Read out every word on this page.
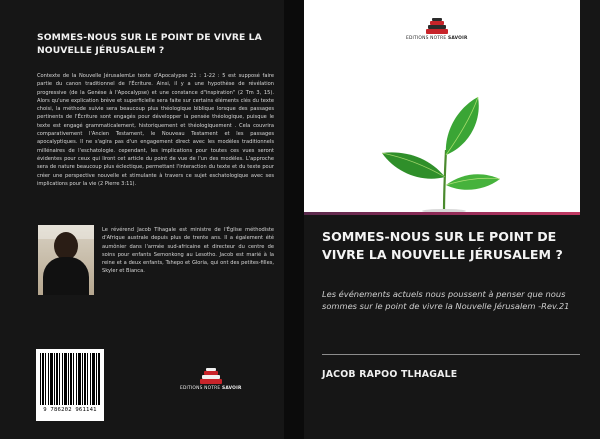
SOMMES-NOUS SUR LE POINT DE VIVRE LA NOUVELLE JÉRUSALEM ?
Contexte de la Nouvelle JérusalemLe texte d'Apocalypse 21 : 1-22 : 5 est supposé faire partie du canon traditionnel de l'Écriture. Ainsi, il y a une hypothèse de révélation progressive (de la Genèse à l'Apocalypse) et une constance d"inspiration" (2 Tm 3, 15). Alors qu'une explication brève et superficielle sera faite sur certains éléments clés du texte choisi, la méthode suivie sera beaucoup plus théologique biblique lorsque des passages pertinents de l'Écriture sont engagés pour développer la pensée théologique, puisque le texte est engagé grammaticalement, historiquement et théologiquement . Cela couvrira comparativement l'Ancien Testament, le Nouveau Testament et les passages apocalyptiques. Il ne s'agira pas d'un engagement direct avec les modèles traditionnels millénaires de l'eschatologie. cependant, les implications pour toutes ces vues seront évidentes pour ceux qui liront cet article du point de vue de l'un des modèles. L'approche sera de nature beaucoup plus éclectique, permettant l'interaction du texte et du texte pour créer une perspective nouvelle et stimulante à travers ce sujet eschatologique avec ses implications pour la vie (2 Pierre 3:11).
Le révérend Jacob Tlhagale est ministre de l'Église méthodiste d'Afrique australe depuis plus de trente ans. Il a également été aumônier dans l'armée sud-africaine et directeur du centre de soins pour enfants Semonkong au Lesotho. Jacob est marié à la reine et a deux enfants, Tshepo et Gloria, qui ont des petites-filles, Skyler et Bianca.
9 786202 961141
EDITIONS NOTRE SAVOIR
EDITIONS NOTRE SAVOIR
SOMMES-NOUS SUR LE POINT DE VIVRE LA NOUVELLE JÉRUSALEM ?
Les événements actuels nous poussent à penser que nous sommes sur le point de vivre la Nouvelle Jérusalem -Rev.21
JACOB RAPOO TLHAGALE
